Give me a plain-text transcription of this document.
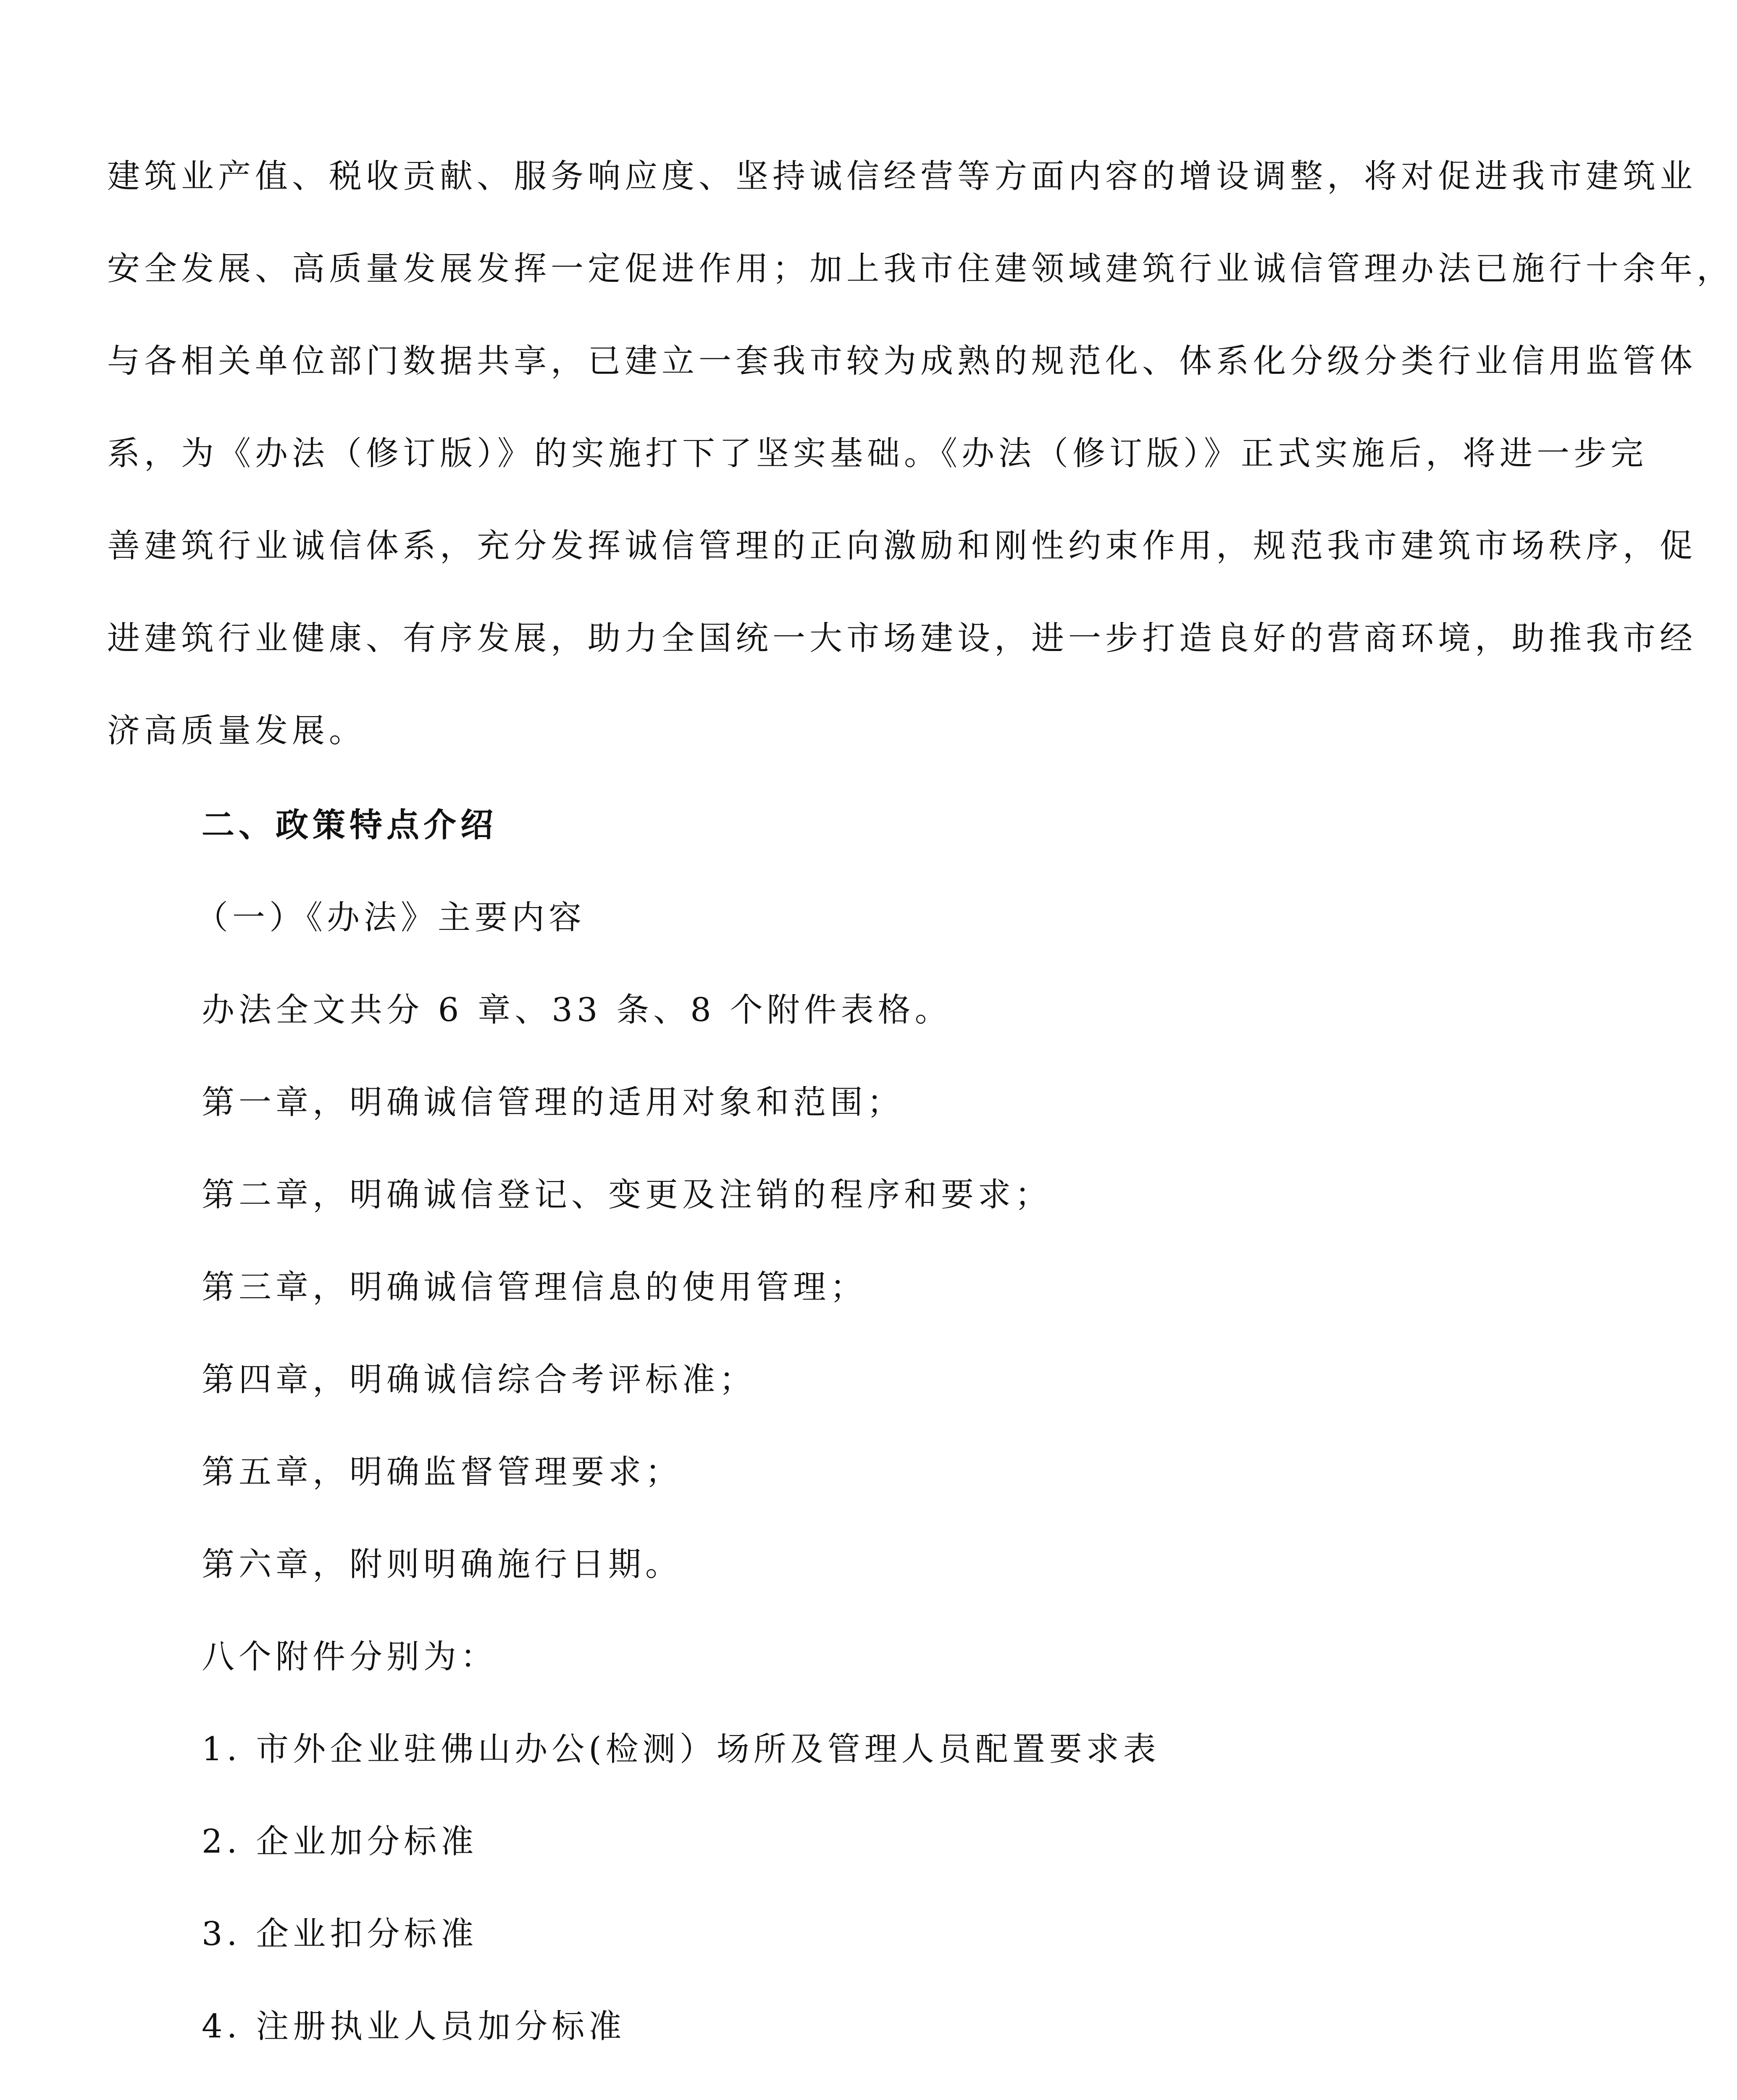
建筑业产值、税收贡献、服务响应度、坚持诚信经营等方面内容的增设调整，将对促进我市建筑业
安全发展、高质量发展发挥一定促进作用；加上我市住建领域建筑行业诚信管理办法已施行十余年，
与各相关单位部门数据共享，已建立一套我市较为成熟的规范化、体系化分级分类行业信用监管体
系，为《办法（修订版）》的实施打下了坚实基础。《办法（修订版）》正式实施后，将进一步完
善建筑行业诚信体系，充分发挥诚信管理的正向激励和刚性约束作用，规范我市建筑市场秩序，促
进建筑行业健康、有序发展，助力全国统一大市场建设，进一步打造良好的营商环境，助推我市经
济高质量发展。
二、政策特点介绍
（一）《办法》主要内容
办法全文共分 6 章、33 条、8 个附件表格。
第一章，明确诚信管理的适用对象和范围；
第二章，明确诚信登记、变更及注销的程序和要求；
第三章，明确诚信管理信息的使用管理；
第四章，明确诚信综合考评标准；
第五章，明确监督管理要求；
第六章，附则明确施行日期。
八个附件分别为：
1. 市外企业驻佛山办公(检测）场所及管理人员配置要求表
2. 企业加分标准
3. 企业扣分标准
4. 注册执业人员加分标准
